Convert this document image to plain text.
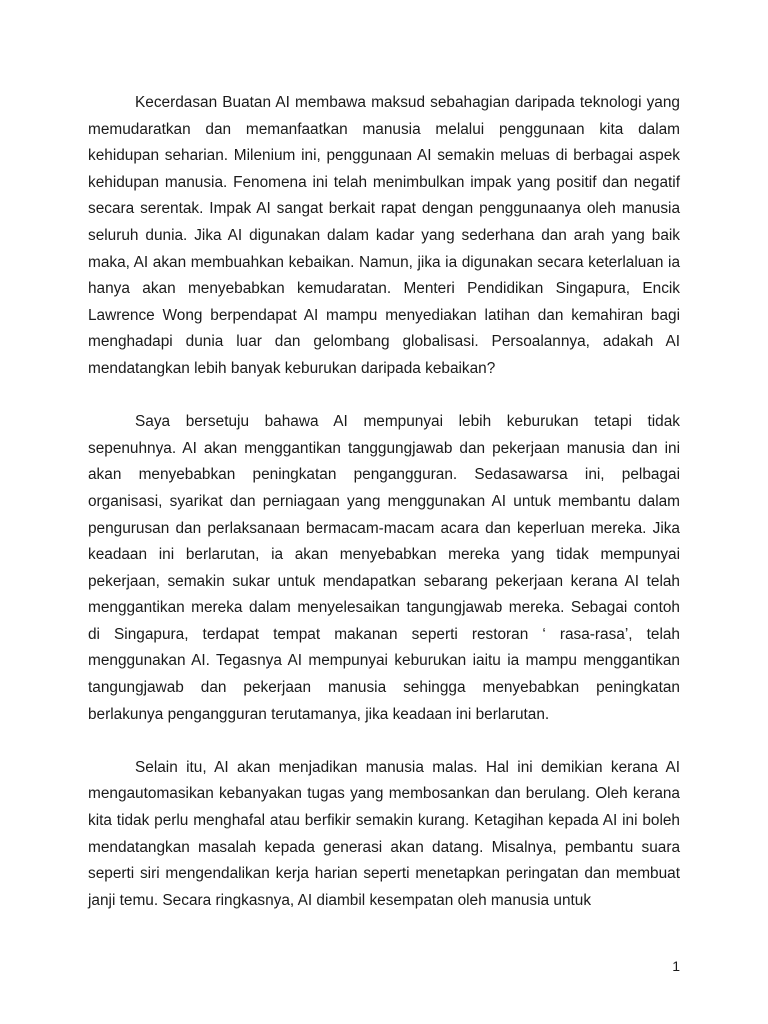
Kecerdasan Buatan AI membawa maksud sebahagian daripada teknologi yang memudaratkan dan memanfaatkan manusia melalui penggunaan kita dalam kehidupan seharian. Milenium ini, penggunaan AI semakin meluas di berbagai aspek kehidupan manusia. Fenomena ini telah menimbulkan impak yang positif dan negatif secara serentak. Impak AI sangat berkait rapat dengan penggunaanya oleh manusia seluruh dunia. Jika AI digunakan dalam kadar yang sederhana dan arah yang baik maka, AI akan membuahkan kebaikan. Namun, jika ia digunakan secara keterlaluan ia hanya akan menyebabkan kemudaratan. Menteri Pendidikan Singapura, Encik Lawrence Wong berpendapat AI mampu menyediakan latihan dan kemahiran bagi menghadapi dunia luar dan gelombang globalisasi. Persoalannya, adakah AI mendatangkan lebih banyak keburukan daripada kebaikan?

Saya bersetuju bahawa AI mempunyai lebih keburukan tetapi tidak sepenuhnya. AI akan menggantikan tanggungjawab dan pekerjaan manusia dan ini akan menyebabkan peningkatan pengangguran. Sedasawarsa ini, pelbagai organisasi, syarikat dan perniagaan yang menggunakan AI untuk membantu dalam pengurusan dan perlaksanaan bermacam-macam acara dan keperluan mereka. Jika keadaan ini berlarutan, ia akan menyebabkan mereka yang tidak mempunyai pekerjaan, semakin sukar untuk mendapatkan sebarang pekerjaan kerana AI telah menggantikan mereka dalam menyelesaikan tangungjawab mereka. Sebagai contoh di Singapura, terdapat tempat makanan seperti restoran ‘ rasa-rasa’, telah menggunakan AI. Tegasnya AI mempunyai keburukan iaitu ia mampu menggantikan tangungjawab dan pekerjaan manusia sehingga menyebabkan peningkatan berlakunya pengangguran terutamanya, jika keadaan ini berlarutan.

Selain itu, AI akan menjadikan manusia malas. Hal ini demikian kerana AI mengautomasikan kebanyakan tugas yang membosankan dan berulang. Oleh kerana kita tidak perlu menghafal atau berfikir semakin kurang. Ketagihan kepada AI ini boleh mendatangkan masalah kepada generasi akan datang. Misalnya, pembantu suara seperti siri mengendalikan kerja harian seperti menetapkan peringatan dan membuat janji temu. Secara ringkasnya, AI diambil kesempatan oleh manusia untuk

1
